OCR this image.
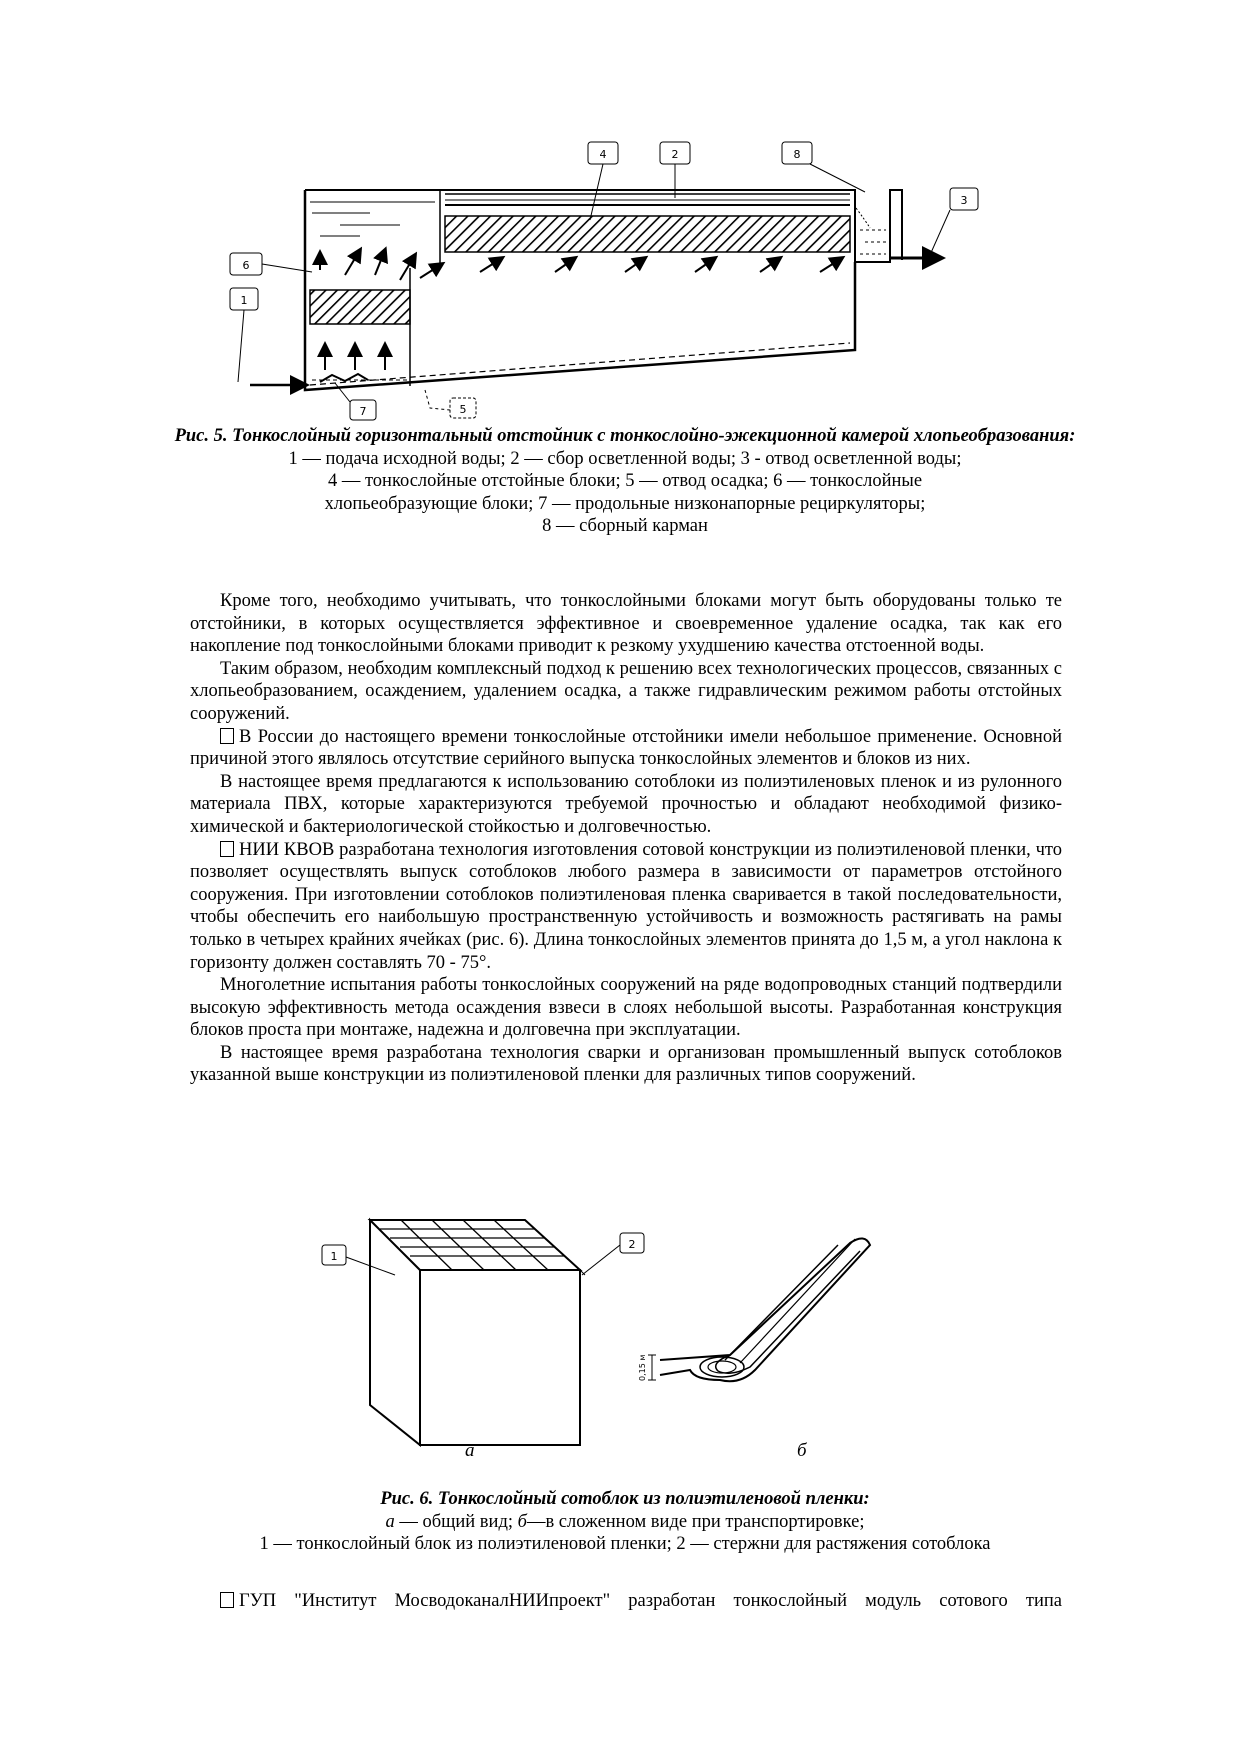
4	2	8
3
6
1
7	5
Рис. 5. Тонкослойный горизонтальный отстойник с тонкослойно-эжекционной камерой хлопьеобразования:
1 — подача исходной воды; 2 — сбор осветленной воды; 3 - отвод осветленной воды;
4 — тонкослойные отстойные блоки; 5 — отвод осадка; 6 — тонкослойные
хлопьеобразующие блоки; 7 — продольные низконапорные рециркуляторы;
8 — сборный карман

Кроме того, необходимо учитывать, что тонкослойными блоками могут быть оборудованы только те отстойники, в которых осуществляется эффективное и своевременное удаление осадка, так как его накопление под тонкослойными блоками приводит к резкому ухудшению качества отстоенной воды.

Таким образом, необходим комплексный подход к решению всех технологических процессов, связанных с хлопьеобразованием, осаждением, удалением осадка, а также гидравлическим режимом работы отстойных сооружений.

В России до настоящего времени тонкослойные отстойники имели небольшое применение. Основной причиной этого являлось отсутствие серийного выпуска тонкослойных элементов и блоков из них.

В настоящее время предлагаются к использованию сотоблоки из полиэтиленовых пленок и из рулонного материала ПВХ, которые характеризуются требуемой прочностью и обладают необходимой физико-химической и бактериологической стойкостью и долговечностью.

НИИ КВОВ разработана технология изготовления сотовой конструкции из полиэтиленовой пленки, что позволяет осуществлять выпуск сотоблоков любого размера в зависимости от параметров отстойного сооружения. При изготовлении сотоблоков полиэтиленовая пленка сваривается в такой последовательности, чтобы обеспечить его наибольшую пространственную устойчивость и возможность растягивать на рамы только в четырех крайних ячейках (рис. 6). Длина тонкослойных элементов принята до 1,5 м, а угол наклона к горизонту должен составлять 70 - 75°.

Многолетние испытания работы тонкослойных сооружений на ряде водопроводных станций подтвердили высокую эффективность метода осаждения взвеси в слоях небольшой высоты. Разработанная конструкция блоков проста при монтаже, надежна и долговечна при эксплуатации.

В настоящее время разработана технология сварки и организован промышленный выпуск сотоблоков указанной выше конструкции из полиэтиленовой пленки для различных типов сооружений.

1
2
0,15 м
а	б
Рис. 6. Тонкослойный сотоблок из полиэтиленовой пленки:
а — общий вид; б—в сложенном виде при транспортировке;
1 — тонкослойный блок из полиэтиленовой пленки; 2 — стержни для растяжения сотоблока

ГУП "Институт МосводоканалНИИпроект" разработан тонкослойный модуль сотового типа
